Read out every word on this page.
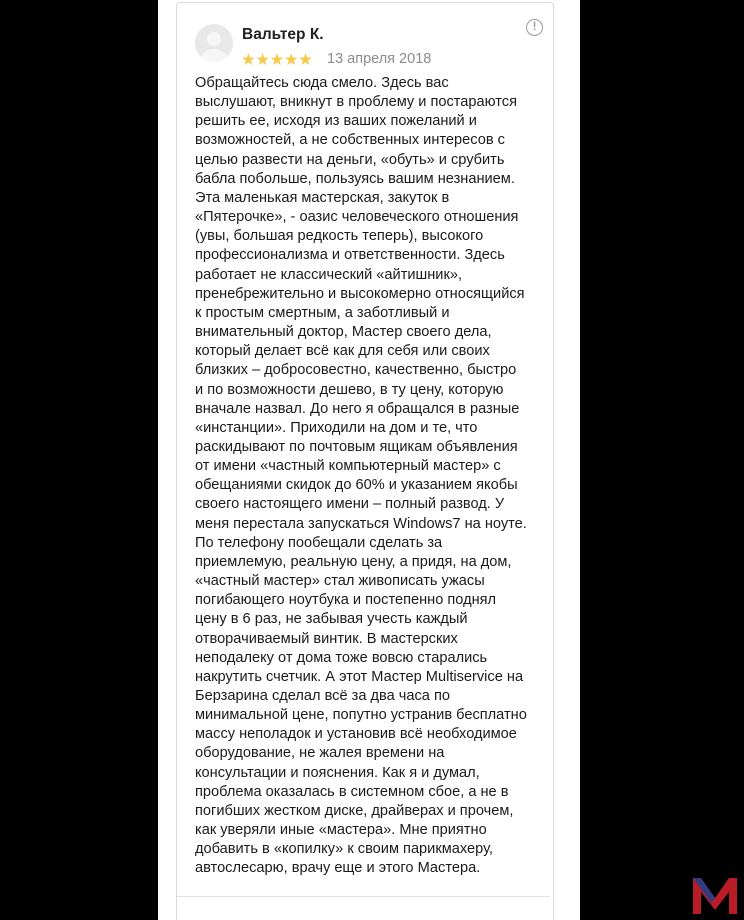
Вальтер К.
★★★★★ 13 апреля 2018
!
Обращайтесь сюда смело. Здесь вас
выслушают, вникнут в проблему и постараются
решить ее, исходя из ваших пожеланий и
возможностей, а не собственных интересов с
целью развести на деньги, «обуть» и срубить
бабла побольше, пользуясь вашим незнанием.
Эта маленькая мастерская, закуток в
«Пятерочке», - оазис человеческого отношения
(увы, большая редкость теперь), высокого
профессионализма и ответственности. Здесь
работает не классический «айтишник»,
пренебрежительно и высокомерно относящийся
к простым смертным, а заботливый и
внимательный доктор, Мастер своего дела,
который делает всё как для себя или своих
близких – добросовестно, качественно, быстро
и по возможности дешево, в ту цену, которую
вначале назвал. До него я обращался в разные
«инстанции». Приходили на дом и те, что
раскидывают по почтовым ящикам объявления
от имени «частный компьютерный мастер» с
обещаниями скидок до 60% и указанием якобы
своего настоящего имени – полный развод. У
меня перестала запускаться Windows7 на ноуте.
По телефону пообещали сделать за
приемлемую, реальную цену, а придя, на дом,
«частный мастер» стал живописать ужасы
погибающего ноутбука и постепенно поднял
цену в 6 раз, не забывая учесть каждый
отворачиваемый винтик. В мастерских
неподалеку от дома тоже вовсю старались
накрутить счетчик. А этот Мастер Multiservice на
Берзарина сделал всё за два часа по
минимальной цене, попутно устранив бесплатно
массу неполадок и установив всё необходимое
оборудование, не жалея времени на
консультации и пояснения. Как я и думал,
проблема оказалась в системном сбое, а не в
погибших жестком диске, драйверах и прочем,
как уверяли иные «мастера». Мне приятно
добавить в «копилку» к своим парикмахеру,
автослесарю, врачу еще и этого Мастера.
